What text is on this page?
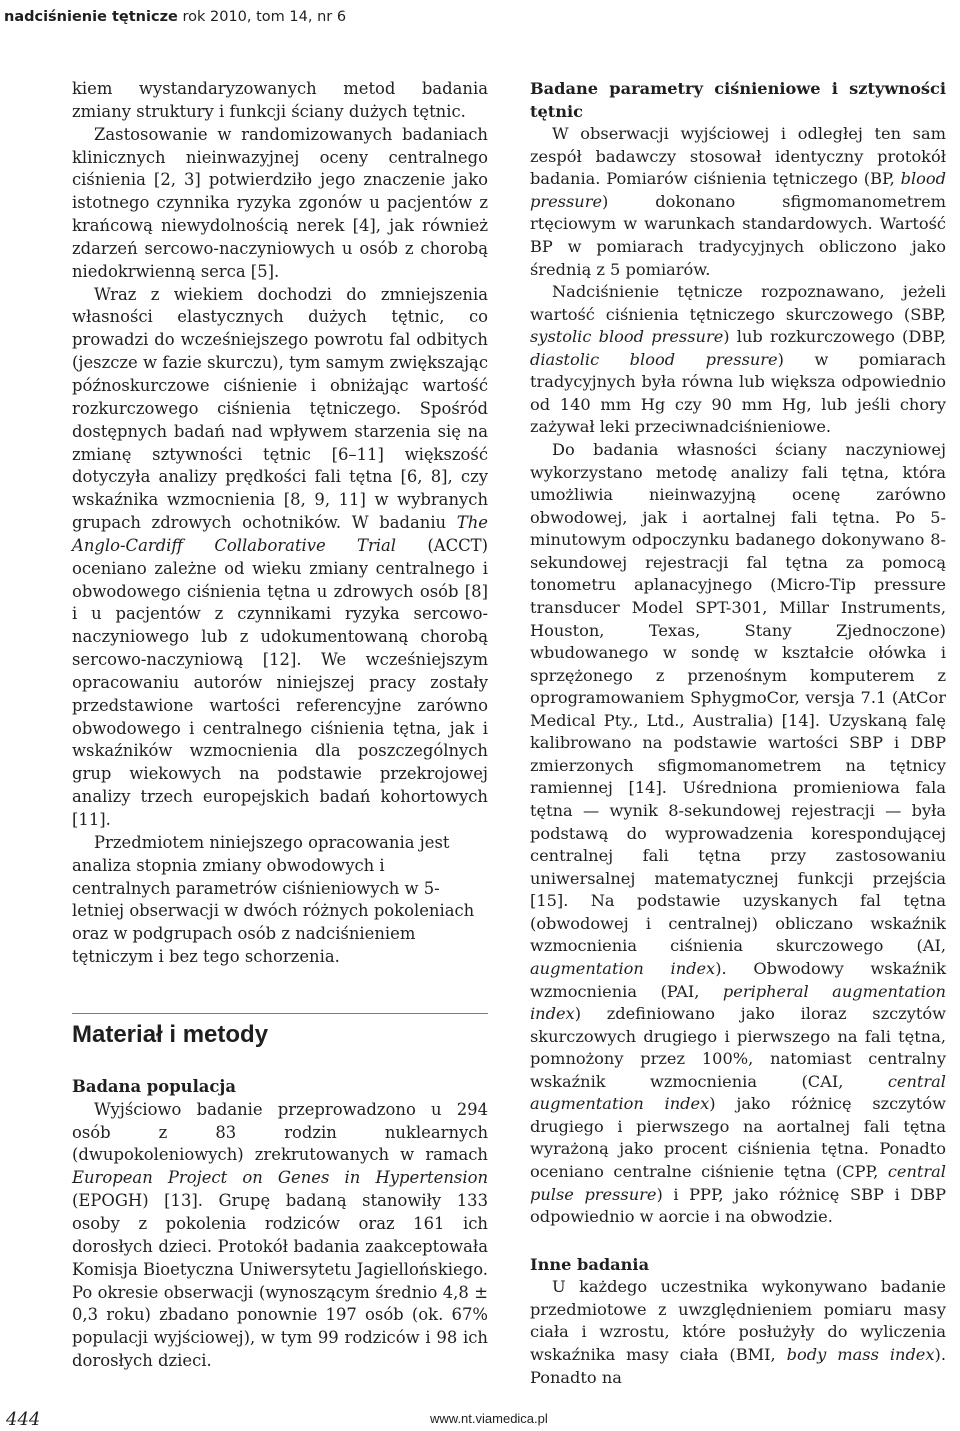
nadciśnienie tętnicze rok 2010, tom 14, nr 6

kiem wystandaryzowanych metod badania zmiany struktury i funkcji ściany dużych tętnic.

Zastosowanie w randomizowanych badaniach klinicznych nieinwazyjnej oceny centralnego ciśnienia [2, 3] potwierdziło jego znaczenie jako istotnego czynnika ryzyka zgonów u pacjentów z krańcową niewydolnością nerek [4], jak również zdarzeń sercowo-naczyniowych u osób z chorobą niedokrwienną serca [5].

Wraz z wiekiem dochodzi do zmniejszenia własności elastycznych dużych tętnic, co prowadzi do wcześniejszego powrotu fal odbitych (jeszcze w fazie skurczu), tym samym zwiększając późnoskurczowe ciśnienie i obniżając wartość rozkurczowego ciśnienia tętniczego. Spośród dostępnych badań nad wpływem starzenia się na zmianę sztywności tętnic [6–11] większość dotyczyła analizy prędkości fali tętna [6, 8], czy wskaźnika wzmocnienia [8, 9, 11] w wybranych grupach zdrowych ochotników. W badaniu The Anglo-Cardiff Collaborative Trial (ACCT) oceniano zależne od wieku zmiany centralnego i obwodowego ciśnienia tętna u zdrowych osób [8] i u pacjentów z czynnikami ryzyka sercowo-naczyniowego lub z udokumentowaną chorobą sercowo-naczyniową [12]. We wcześniejszym opracowaniu autorów niniejszej pracy zostały przedstawione wartości referencyjne zarówno obwodowego i centralnego ciśnienia tętna, jak i wskaźników wzmocnienia dla poszczególnych grup wiekowych na podstawie przekrojowej analizy trzech europejskich badań kohortowych [11].

Przedmiotem niniejszego opracowania jest analiza stopnia zmiany obwodowych i centralnych parametrów ciśnieniowych w 5-letniej obserwacji w dwóch różnych pokoleniach oraz w podgrupach osób z nadciśnieniem tętniczym i bez tego schorzenia.

Materiał i metody
Badana populacja

Wyjściowo badanie przeprowadzono u 294 osób z 83 rodzin nuklearnych (dwupokoleniowych) zrekrutowanych w ramach European Project on Genes in Hypertension (EPOGH) [13]. Grupę badaną stanowiły 133 osoby z pokolenia rodziców oraz 161 ich dorosłych dzieci. Protokół badania zaakceptowała Komisja Bioetyczna Uniwersytetu Jagiellońskiego. Po okresie obserwacji (wynoszącym średnio 4,8 ± 0,3 roku) zbadano ponownie 197 osób (ok. 67% populacji wyjściowej), w tym 99 rodziców i 98 ich dorosłych dzieci.

Badane parametry ciśnieniowe i sztywności tętnic

W obserwacji wyjściowej i odległej ten sam zespół badawczy stosował identyczny protokół badania. Pomiarów ciśnienia tętniczego (BP, blood pressure) dokonano sfigmomanometrem rtęciowym w warunkach standardowych. Wartość BP w pomiarach tradycyjnych obliczono jako średnią z 5 pomiarów.

Nadciśnienie tętnicze rozpoznawano, jeżeli wartość ciśnienia tętniczego skurczowego (SBP, systolic blood pressure) lub rozkurczowego (DBP, diastolic blood pressure) w pomiarach tradycyjnych była równa lub większa odpowiednio od 140 mm Hg czy 90 mm Hg, lub jeśli chory zażywał leki przeciwnadciśnieniowe.

Do badania własności ściany naczyniowej wykorzystano metodę analizy fali tętna, która umożliwia nieinwazyjną ocenę zarówno obwodowej, jak i aortalnej fali tętna. Po 5-minutowym odpoczynku badanego dokonywano 8-sekundowej rejestracji fal tętna za pomocą tonometru aplanacyjnego (Micro-Tip pressure transducer Model SPT-301, Millar Instruments, Houston, Texas, Stany Zjednoczone) wbudowanego w sondę w kształcie ołówka i sprzężonego z przenośnym komputerem z oprogramowaniem SphygmoCor, versja 7.1 (AtCor Medical Pty., Ltd., Australia) [14]. Uzyskaną falę kalibrowano na podstawie wartości SBP i DBP zmierzonych sfigmomanometrem na tętnicy ramiennej [14]. Uśredniona promieniowa fala tętna — wynik 8-sekundowej rejestracji — była podstawą do wyprowadzenia korespondującej centralnej fali tętna przy zastosowaniu uniwersalnej matematycznej funkcji przejścia [15]. Na podstawie uzyskanych fal tętna (obwodowej i centralnej) obliczano wskaźnik wzmocnienia ciśnienia skurczowego (AI, augmentation index). Obwodowy wskaźnik wzmocnienia (PAI, peripheral augmentation index) zdefiniowano jako iloraz szczytów skurczowych drugiego i pierwszego na fali tętna, pomnożony przez 100%, natomiast centralny wskaźnik wzmocnienia (CAI, central augmentation index) jako różnicę szczytów drugiego i pierwszego na aortalnej fali tętna wyrażoną jako procent ciśnienia tętna. Ponadto oceniano centralne ciśnienie tętna (CPP, central pulse pressure) i PPP, jako różnicę SBP i DBP odpowiednio w aorcie i na obwodzie.

Inne badania

U każdego uczestnika wykonywano badanie przedmiotowe z uwzględnieniem pomiaru masy ciała i wzrostu, które posłużyły do wyliczenia wskaźnika masy ciała (BMI, body mass index). Ponadto na

444	www.nt.viamedica.pl
